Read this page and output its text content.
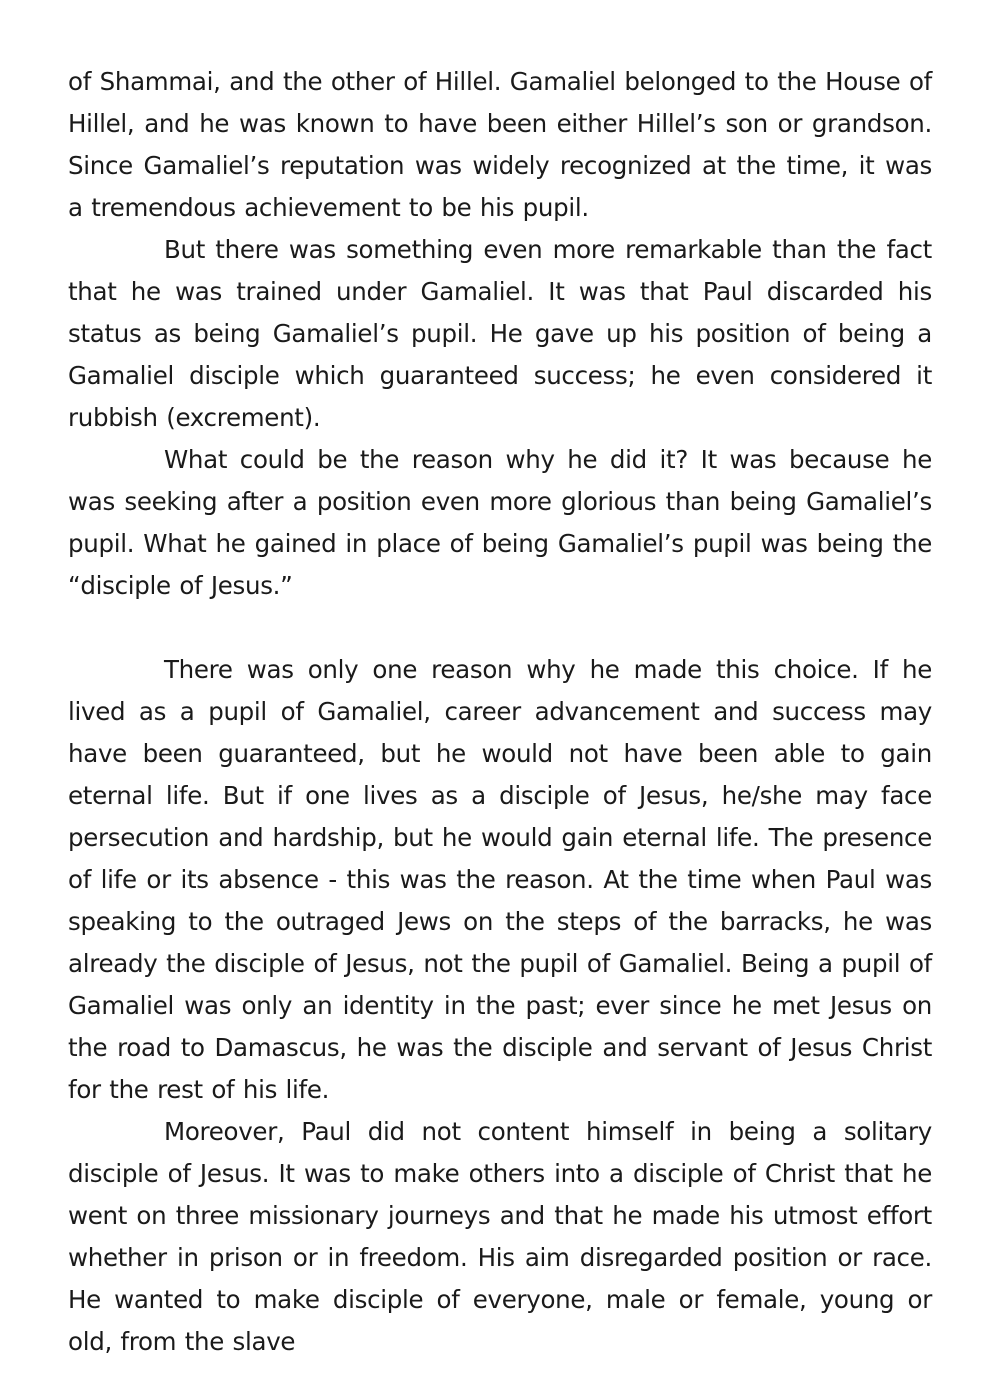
of Shammai, and the other of Hillel. Gamaliel belonged to the House of Hillel, and he was known to have been either Hillel’s son or grandson. Since Gamaliel’s reputation was widely recognized at the time, it was a tremendous achievement to be his pupil.

But there was something even more remarkable than the fact that he was trained under Gamaliel. It was that Paul discarded his status as being Gamaliel’s pupil. He gave up his position of being a Gamaliel disciple which guaranteed success; he even considered it rubbish (excrement).

What could be the reason why he did it? It was because he was seeking after a position even more glorious than being Gamaliel’s pupil. What he gained in place of being Gamaliel’s pupil was being the “disciple of Jesus.”

There was only one reason why he made this choice. If he lived as a pupil of Gamaliel, career advancement and success may have been guaranteed, but he would not have been able to gain eternal life. But if one lives as a disciple of Jesus, he/she may face persecution and hardship, but he would gain eternal life. The presence of life or its absence - this was the reason. At the time when Paul was speaking to the outraged Jews on the steps of the barracks, he was already the disciple of Jesus, not the pupil of Gamaliel. Being a pupil of Gamaliel was only an identity in the past; ever since he met Jesus on the road to Damascus, he was the disciple and servant of Jesus Christ for the rest of his life.

Moreover, Paul did not content himself in being a solitary disciple of Jesus. It was to make others into a disciple of Christ that he went on three missionary journeys and that he made his utmost effort whether in prison or in freedom. His aim disregarded position or race. He wanted to make disciple of everyone, male or female, young or old, from the slave
